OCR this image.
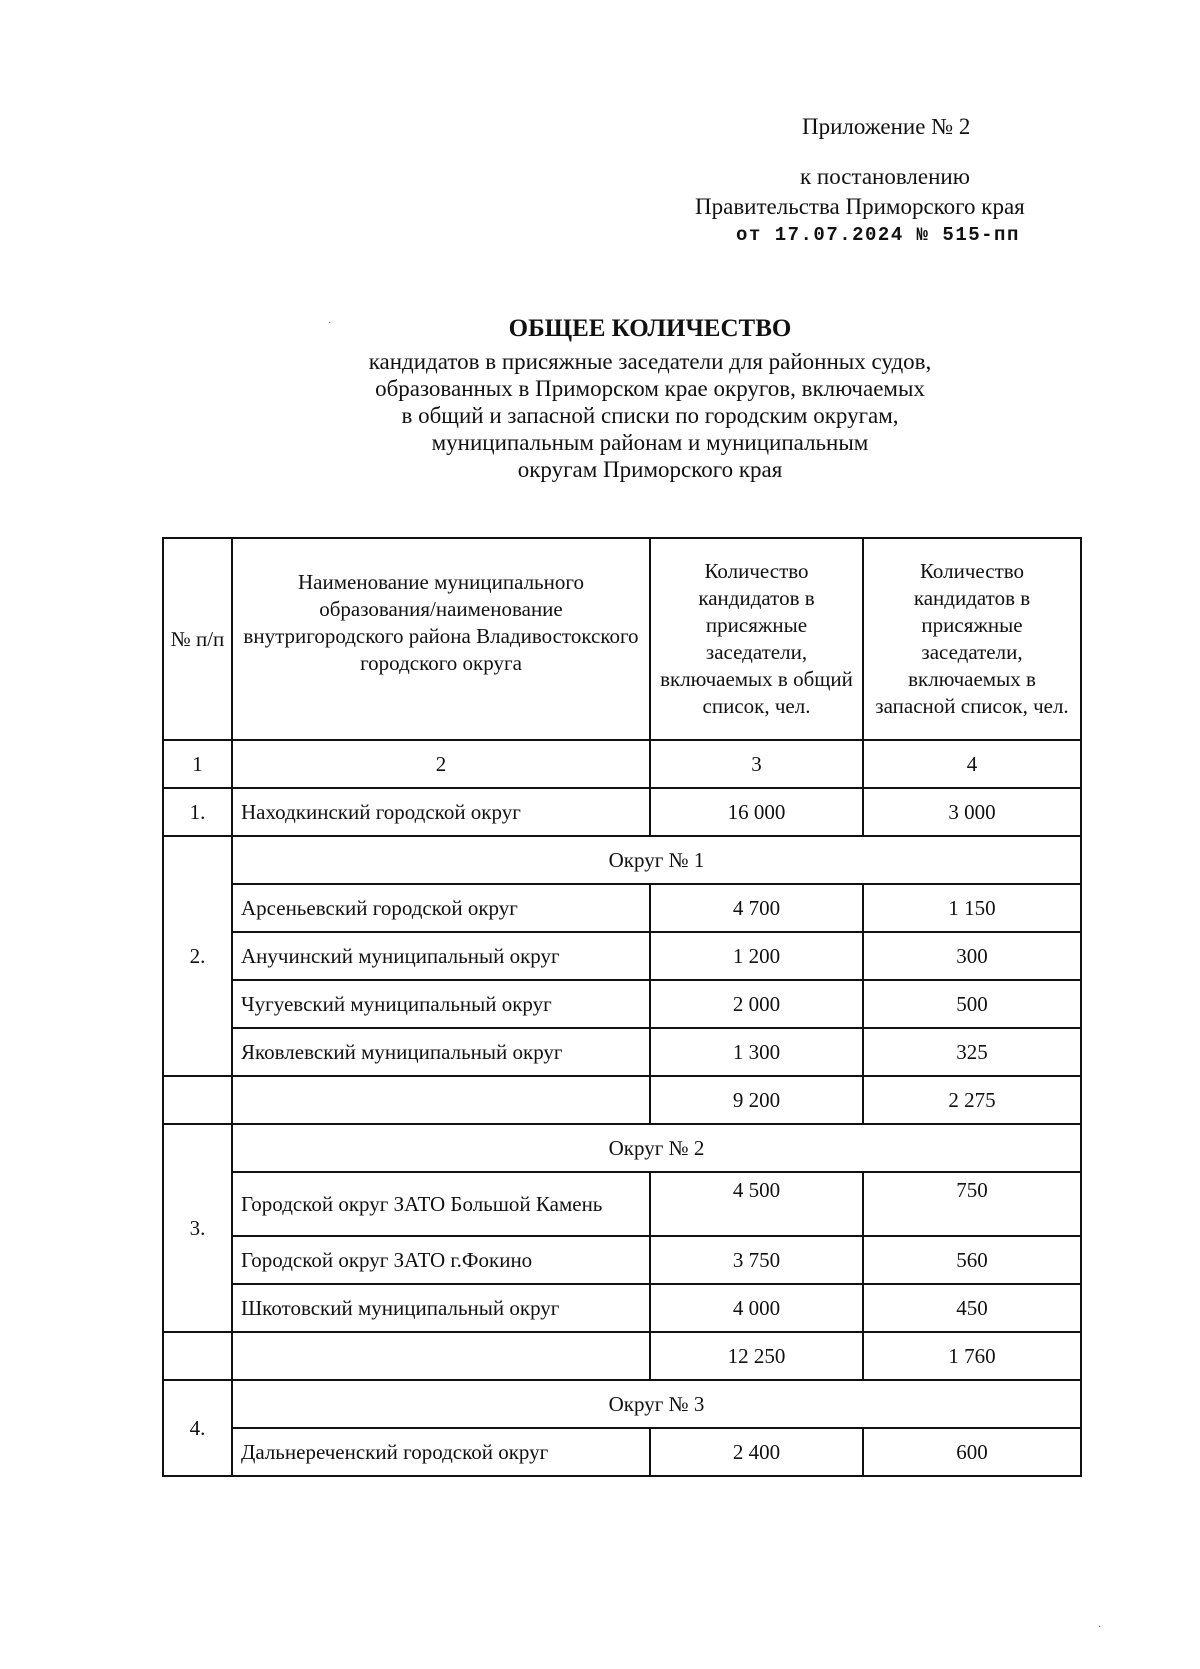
Приложение № 2
к постановлению
Правительства Приморского края
от 17.07.2024 № 515-пп
·	ОБЩЕЕ КОЛИЧЕСТВО
кандидатов в присяжные заседатели для районных судов,
образованных в Приморском крае округов, включаемых
в общий и запасной списки по городским округам,
муниципальным районам и муниципальным
округам Приморского края
№ п/п	Наименование муниципального образования/наименование внутригородского района Владивостокского городского округа	Количество кандидатов в присяжные заседатели, включаемых в общий список, чел.	Количество кандидатов в присяжные заседатели, включаемых в запасной список, чел.
1	2	3	4
1.	Находкинский городской округ	16 000	3 000
2.	Округ № 1		
	Арсеньевский городской округ	4 700	1 150
	Анучинский муниципальный округ	1 200	300
	Чугуевский муниципальный округ	2 000	500
	Яковлевский муниципальный округ	1 300	325
		9 200	2 275
3.	Округ № 2		
	Городской округ ЗАТО Большой Камень	4 500	750
	Городской округ ЗАТО г.Фокино	3 750	560
	Шкотовский муниципальный округ	4 000	450
		12 250	1 760
4.	Округ № 3		
	Дальнереченский городской округ	2 400	600
·
